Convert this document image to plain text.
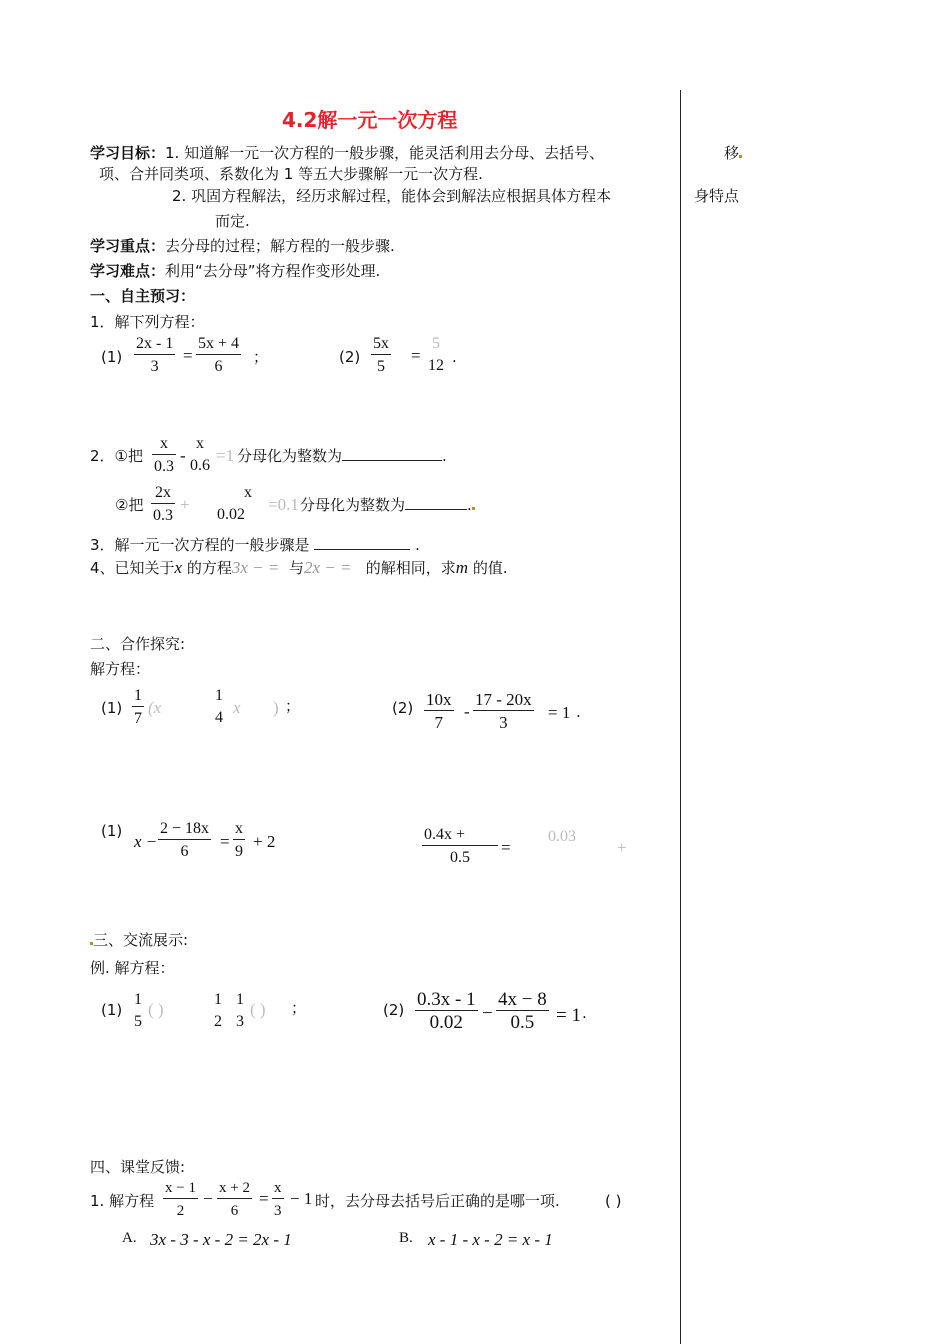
4.2解一元一次方程
学习目标：1. 知道解一元一次方程的一般步骤，能灵活利用去分母、去括号、	移
项、合并同类项、系数化为 1 等五大步骤解一元一次方程.
2. 巩固方程解法，经历求解过程，能体会到解法应根据具体方程本	身特点
而定.
学习重点：去分母的过程；解方程的一般步骤.
学习难点：利用“去分母”将方程作变形处理.
一、自主预习：
1．解下列方程：
$(1) \frac{2x - 1}{3} = \frac{5x + 4}{6}$ ；	$(2) \frac{5x}{5}$ =
5
12 .
2．①把 $\frac{x}{0.3}$ -
x
0.6
=1 分母化为整数为	.
②把 $\frac{2x}{0.3}$ +
x
0.02
=0.1 分母化为整数为	.
3．解一元一次方程的一般步骤是	.
4、已知关于x 的方程3x − = 与2x − = 的解相同，求m 的值.
二、合作探究:
解方程：
$(1) \frac{1}{7} (x$
1
4
x ) ；	$(2) \frac{10x}{7} - \frac{17 - 20x}{3} = 1$ .
(1)
$x - \frac{2 - 18x}{6} = \frac{x}{9} + 2$	$\frac{0.4x +}{0.5}$ =
0.03
+
三、交流展示:
例. 解方程：
(1)
1
5
( )
1
2
1
3
( ) ；	$(2) \frac{0.3x - 1}{0.02} - \frac{4x - 8}{0.5} = 1$ .
四、课堂反馈:
1. 解方程 $\frac{x - 1}{2} - \frac{x + 2}{6} = \frac{x}{3} - 1$ 时，去分母去括号后正确的是哪一项.	( )
A. 3x - 3 - x - 2 = 2x - 1	B. x - 1 - x - 2 = x - 1
